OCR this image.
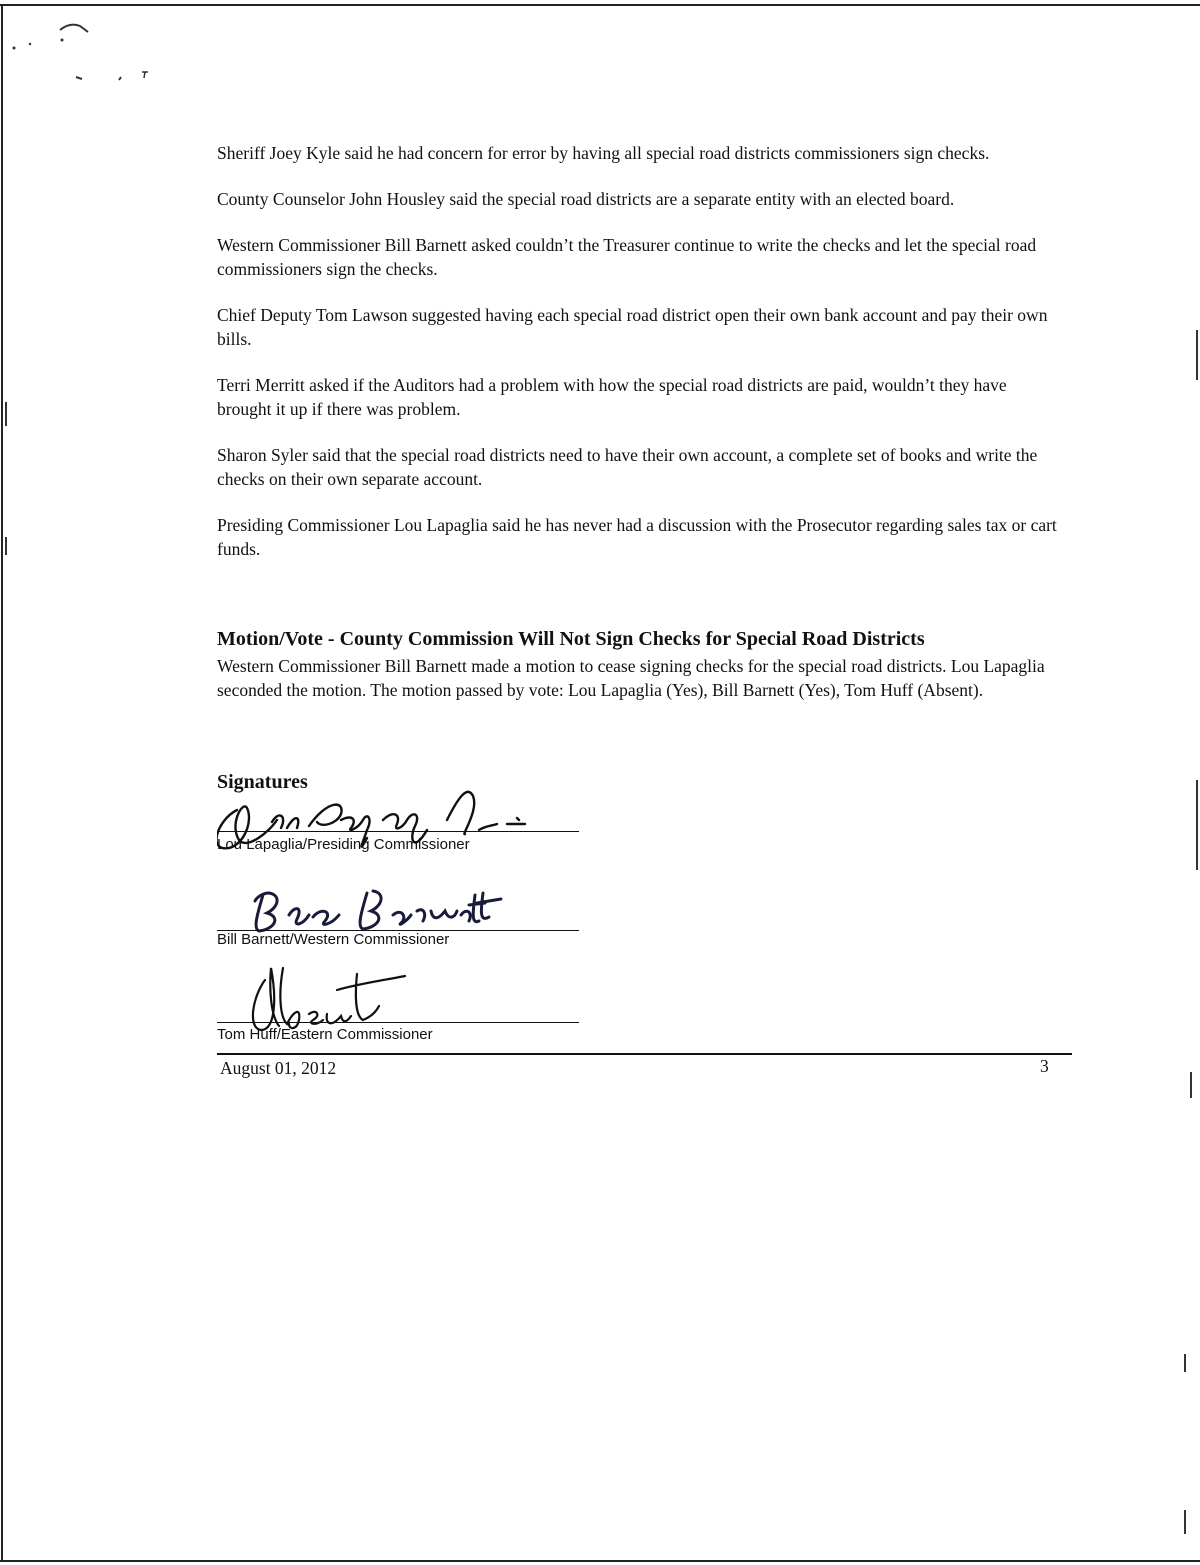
Sheriff Joey Kyle said he had concern for error by having all special road districts commissioners sign checks.

County Counselor John Housley said the special road districts are a separate entity with an elected board.

Western Commissioner Bill Barnett asked couldn’t the Treasurer continue to write the checks and let the special road commissioners sign the checks.

Chief Deputy Tom Lawson suggested having each special road district open their own bank account and pay their own bills.

Terri Merritt asked if the Auditors had a problem with how the special road districts are paid, wouldn’t they have brought it up if there was problem.

Sharon Syler said that the special road districts need to have their own account, a complete set of books and write the checks on their own separate account.

Presiding Commissioner Lou Lapaglia said he has never had a discussion with the Prosecutor regarding sales tax or cart funds.

Motion/Vote - County Commission Will Not Sign Checks for Special Road Districts
Western Commissioner Bill Barnett made a motion to cease signing checks for the special road districts. Lou Lapaglia seconded the motion. The motion passed by vote: Lou Lapaglia (Yes), Bill Barnett (Yes), Tom Huff (Absent).
Signatures
Lou Lapaglia/Presiding Commissioner
Bill Barnett/Western Commissioner
Tom Huff/Eastern Commissioner
August 01, 2012	3
